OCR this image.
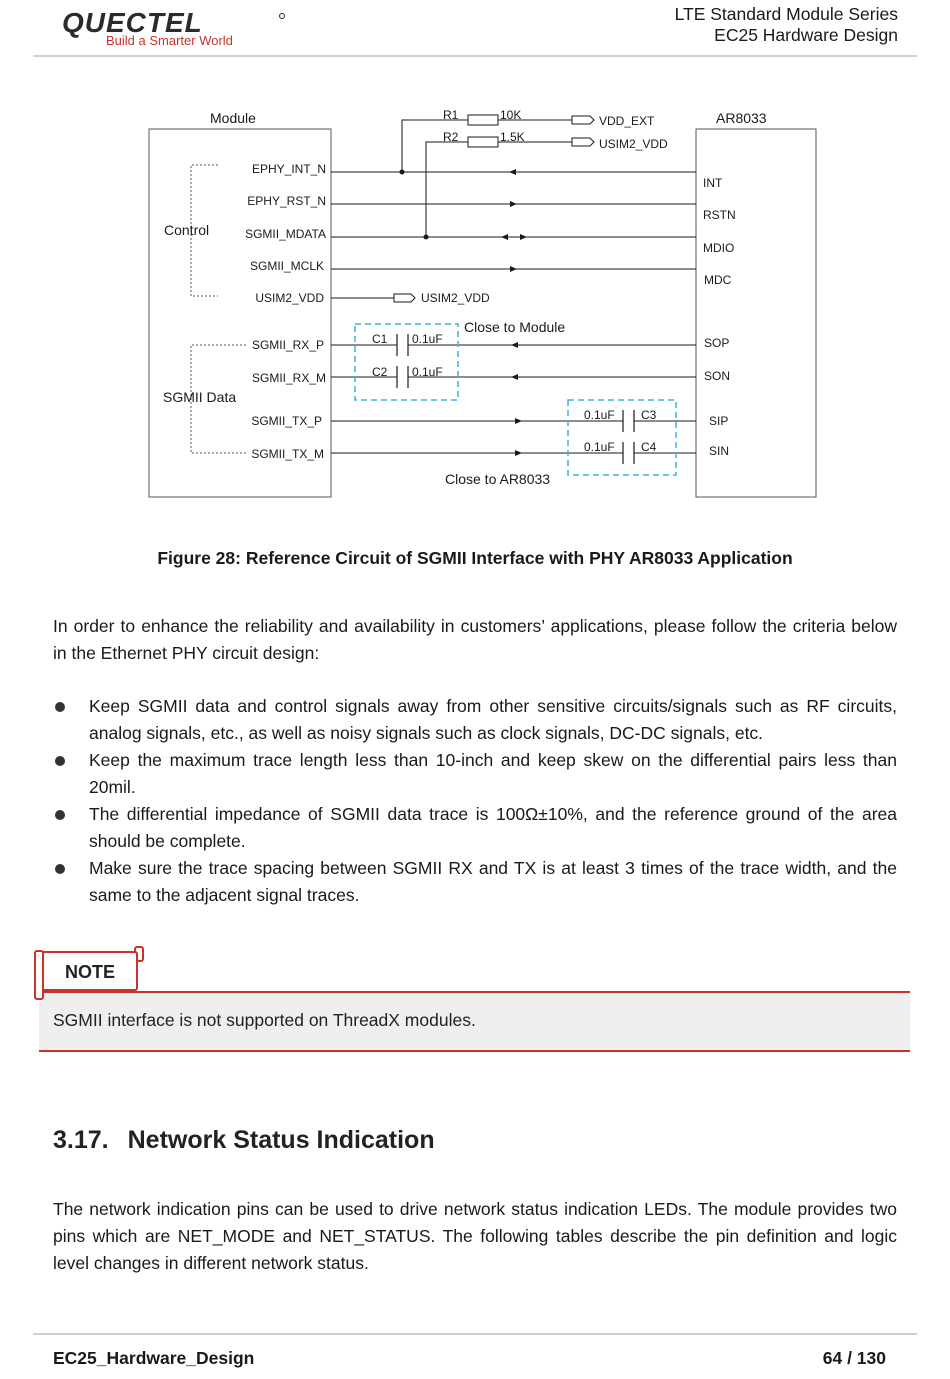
QUECTEL
Build a Smarter World
LTE Standard Module Series
EC25 Hardware Design
Module	AR8033
Control
SGMII Data
EPHY_INT_N
EPHY_RST_N
SGMII_MDATA
SGMII_MCLK
USIM2_VDD
SGMII_RX_P
SGMII_RX_M
SGMII_TX_P
SGMII_TX_M
INT
RSTN
MDIO
MDC
SOP
SON
SIP
SIN
R1	10K
R2	1.5K
VDD_EXT
USIM2_VDD
USIM2_VDD
C1 0.1uF
C2 0.1uF
0.1uF C3
0.1uF C4
Close to Module
Close to AR8033
Figure 28: Reference Circuit of SGMII Interface with PHY AR8033 Application
In order to enhance the reliability and availability in customers’ applications, please follow the criteria below in the Ethernet PHY circuit design:
Keep SGMII data and control signals away from other sensitive circuits/signals such as RF circuits, analog signals, etc., as well as noisy signals such as clock signals, DC-DC signals, etc.
Keep the maximum trace length less than 10-inch and keep skew on the differential pairs less than 20mil.
The differential impedance of SGMII data trace is 100Ω±10%, and the reference ground of the area should be complete.
Make sure the trace spacing between SGMII RX and TX is at least 3 times of the trace width, and the same to the adjacent signal traces.
NOTE
SGMII interface is not supported on ThreadX modules.
3.17. Network Status Indication
The network indication pins can be used to drive network status indication LEDs. The module provides two pins which are NET_MODE and NET_STATUS. The following tables describe the pin definition and logic level changes in different network status.
EC25_Hardware_Design	64 / 130
